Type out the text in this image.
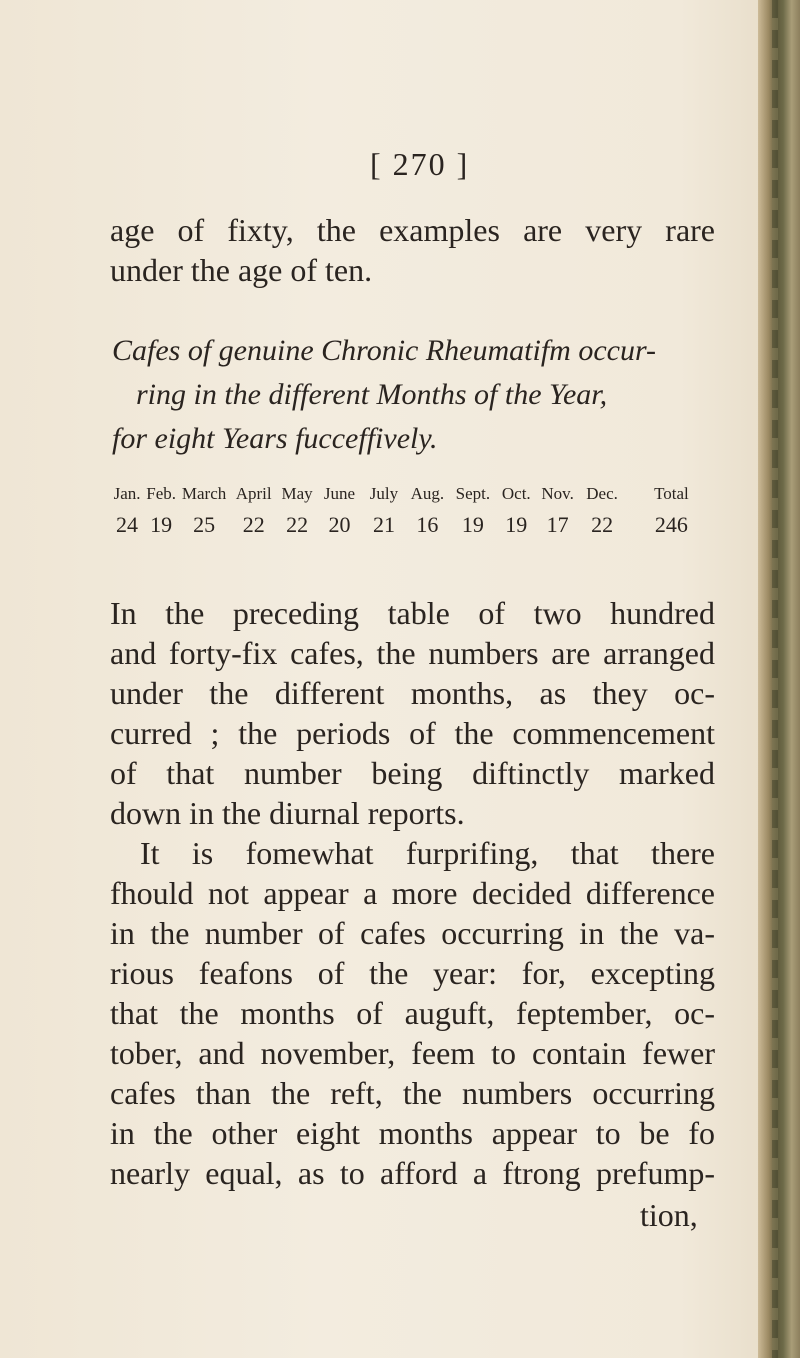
[ 270 ]
age of fixty, the examples are very rare
under the age of ten.
Cafes of genuine Chronic Rheumatifm occur-
ring in the different Months of the Year,
for eight Years fucceffively.
Jan.	Feb.	March	April	May	June	July	Aug.	Sept.	Oct.	Nov.	Dec.	Total
24	19	25	22	22	20	21	16	19	19	17	22	246
In the preceding table of two hundred
and forty-fix cafes, the numbers are arranged
under the different months, as they oc-
curred ; the periods of the commencement
of that number being diftinctly marked
down in the diurnal reports.
It is fomewhat furprifing, that there
fhould not appear a more decided difference
in the number of cafes occurring in the va-
rious feafons of the year: for, excepting
that the months of auguft, feptember, oc-
tober, and november, feem to contain fewer
cafes than the reft, the numbers occurring
in the other eight months appear to be fo
nearly equal, as to afford a ftrong prefump-
tion,
